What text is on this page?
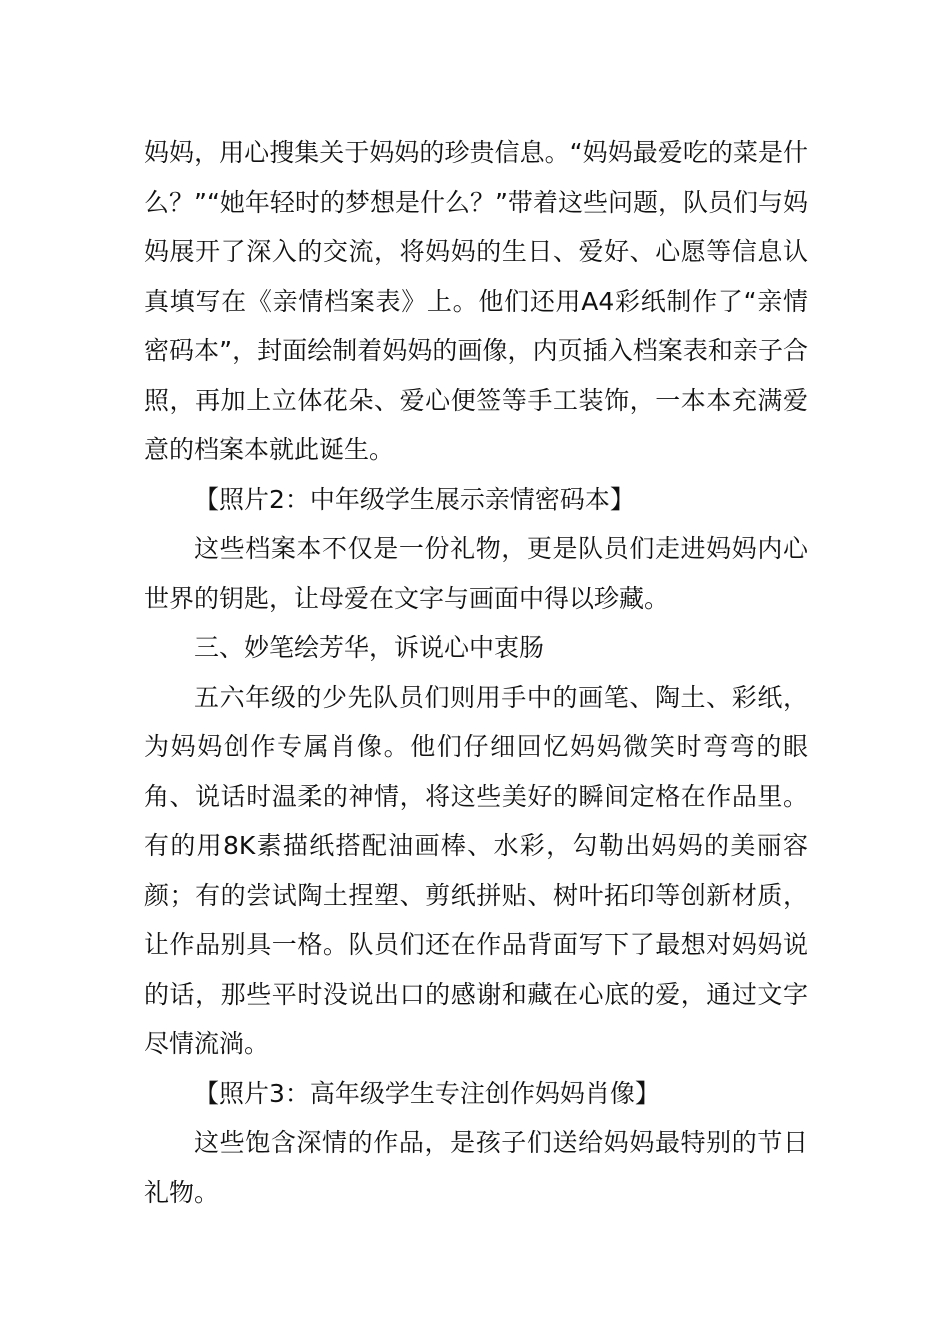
妈妈，用心搜集关于妈妈的珍贵信息。“妈妈最爱吃的菜是什么？”“她年轻时的梦想是什么？”带着这些问题，队员们与妈妈展开了深入的交流，将妈妈的生日、爱好、心愿等信息认真填写在《亲情档案表》上。他们还用A4彩纸制作了“亲情密码本”，封面绘制着妈妈的画像，内页插入档案表和亲子合照，再加上立体花朵、爱心便签等手工装饰，一本本充满爱意的档案本就此诞生。

【照片2：中年级学生展示亲情密码本】

这些档案本不仅是一份礼物，更是队员们走进妈妈内心世界的钥匙，让母爱在文字与画面中得以珍藏。

三、妙笔绘芳华，诉说心中衷肠

五六年级的少先队员们则用手中的画笔、陶土、彩纸，为妈妈创作专属肖像。他们仔细回忆妈妈微笑时弯弯的眼角、说话时温柔的神情，将这些美好的瞬间定格在作品里。有的用8K素描纸搭配油画棒、水彩，勾勒出妈妈的美丽容颜；有的尝试陶土捏塑、剪纸拼贴、树叶拓印等创新材质，让作品别具一格。队员们还在作品背面写下了最想对妈妈说的话，那些平时没说出口的感谢和藏在心底的爱，通过文字尽情流淌。

【照片3：高年级学生专注创作妈妈肖像】

这些饱含深情的作品，是孩子们送给妈妈最特别的节日礼物。
